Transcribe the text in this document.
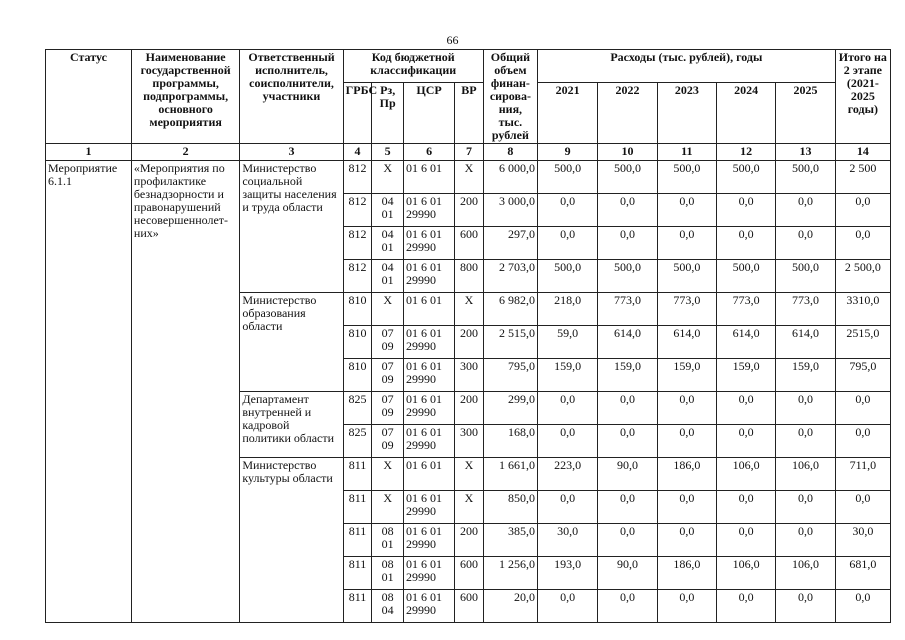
66
Статус	Наименование государственной программы, подпрограммы, основного мероприятия	Ответственный исполнитель, соисполнители, участники	Код бюджетной классификации				Общий объем финан-сирова-ния, тыс. рублей	Расходы (тыс. рублей), годы					Итого на 2 этапе (2021-2025 годы)
			ГРБС	Рз, Пр	ЦСР	ВР		2021	2022	2023	2024	2025	
1	2	3	4	5	6	7	8	9	10	11	12	13	14
Мероприятие 6.1.1	«Мероприятия по профилактике безнадзорности и правонарушений несовершеннолет-них»	Министерство социальной защиты населения и труда области	812	Х	01 6 01	Х	6 000,0	500,0	500,0	500,0	500,0	500,0	2 500
			812	04 01	01 6 01 29990	200	3 000,0	0,0	0,0	0,0	0,0	0,0	0,0
			812	04 01	01 6 01 29990	600	297,0	0,0	0,0	0,0	0,0	0,0	0,0
			812	04 01	01 6 01 29990	800	2 703,0	500,0	500,0	500,0	500,0	500,0	2 500,0
		Министерство образования области	810	Х	01 6 01	Х	6 982,0	218,0	773,0	773,0	773,0	773,0	3310,0
			810	07 09	01 6 01 29990	200	2 515,0	59,0	614,0	614,0	614,0	614,0	2515,0
			810	07 09	01 6 01 29990	300	795,0	159,0	159,0	159,0	159,0	159,0	795,0
		Департамент внутренней и кадровой политики области	825	07 09	01 6 01 29990	200	299,0	0,0	0,0	0,0	0,0	0,0	0,0
			825	07 09	01 6 01 29990	300	168,0	0,0	0,0	0,0	0,0	0,0	0,0
		Министерство культуры области	811	Х	01 6 01	Х	1 661,0	223,0	90,0	186,0	106,0	106,0	711,0
			811	Х	01 6 01 29990	Х	850,0	0,0	0,0	0,0	0,0	0,0	0,0
			811	08 01	01 6 01 29990	200	385,0	30,0	0,0	0,0	0,0	0,0	30,0
			811	08 01	01 6 01 29990	600	1 256,0	193,0	90,0	186,0	106,0	106,0	681,0
			811	08 04	01 6 01 29990	600	20,0	0,0	0,0	0,0	0,0	0,0	0,0
